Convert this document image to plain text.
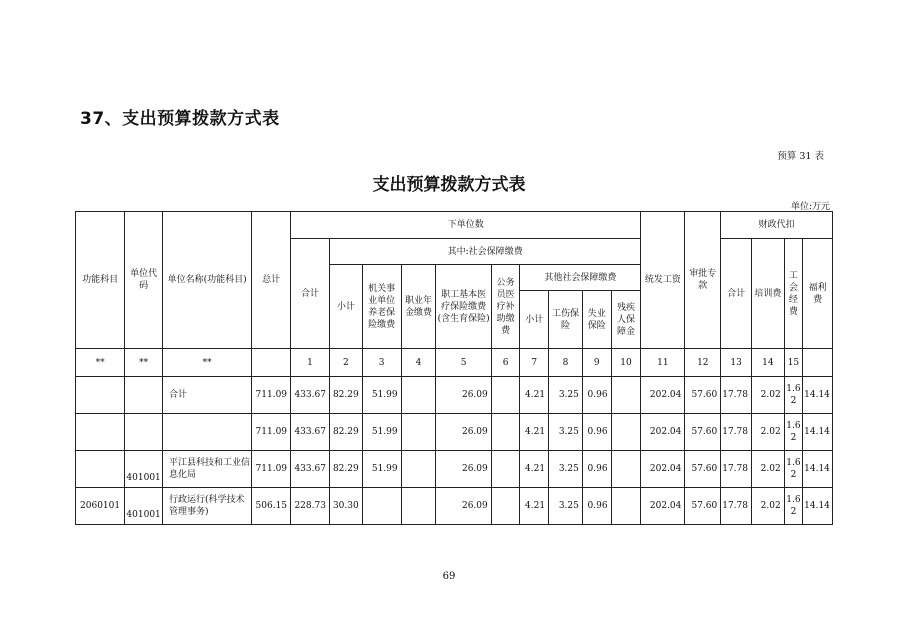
37、支出预算拨款方式表
预算 31 表
支出预算拨款方式表
单位:万元
功能科目	单位代码	单位名称(功能科目)	总计	下单位数										统发工资	审批专款	财政代扣			
				合计	其中:社会保障缴费											合计	培训费	工会经费	福利费
					小计	机关事业单位养老保险缴费	职业年金缴费	职工基本医疗保险缴费(含生育保险)	公务员医疗补助缴费	其他社会保障缴费									
										小计	工伤保险	失业保险	残疾人保障金						
**	**	**		1	2	3	4	5	6	7	8	9	10	11	12	13	14	15	
		合计	711.09	433.67	82.29	51.99		26.09		4.21	3.25	0.96		202.04	57.60	17.78	2.02	1.62	14.14
			711.09	433.67	82.29	51.99		26.09		4.21	3.25	0.96		202.04	57.60	17.78	2.02	1.62	14.14
	401001	平江县科技和工业信息化局	711.09	433.67	82.29	51.99		26.09		4.21	3.25	0.96		202.04	57.60	17.78	2.02	1.62	14.14
2060101	401001	行政运行(科学技术管理事务)	506.15	228.73	30.30			26.09		4.21	3.25	0.96		202.04	57.60	17.78	2.02	1.62	14.14
69
